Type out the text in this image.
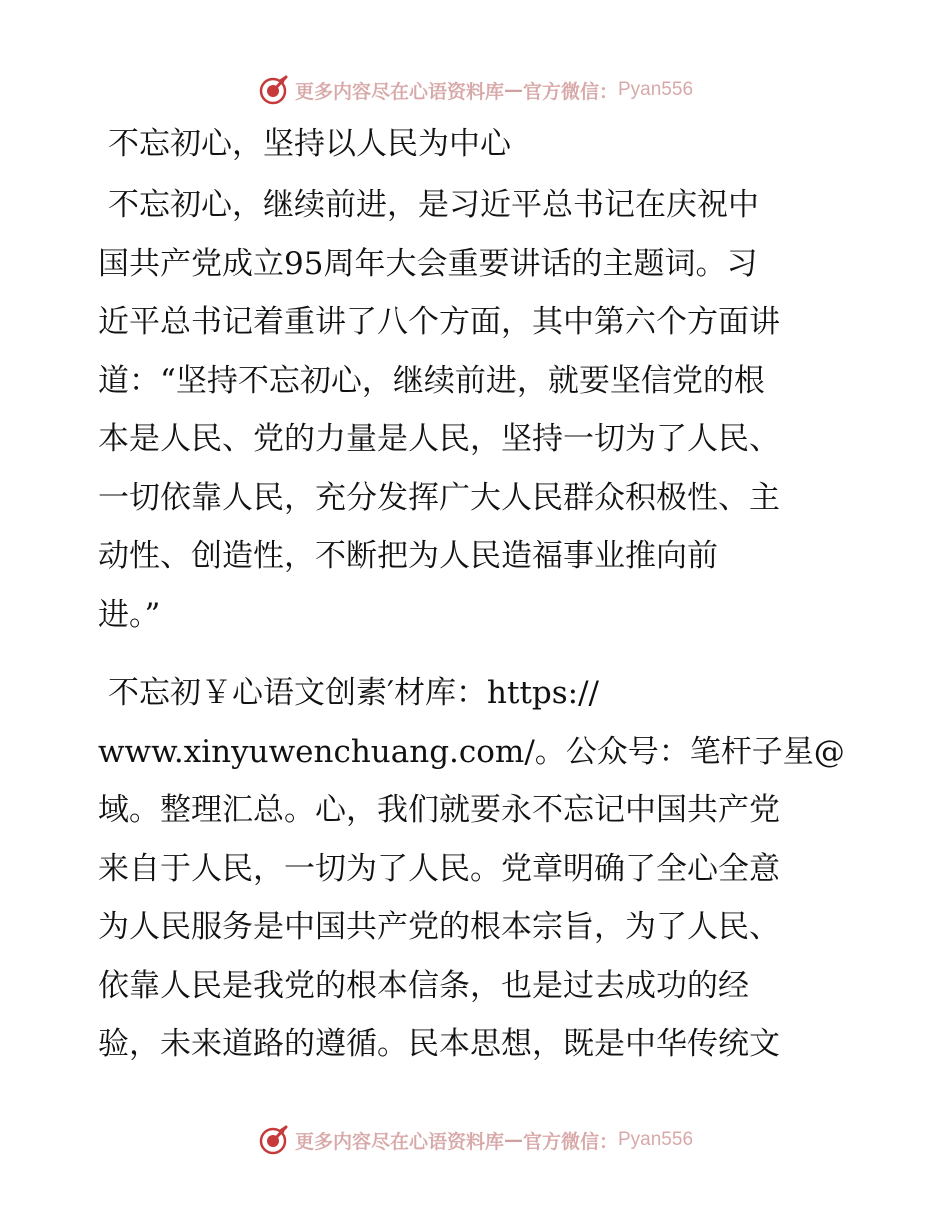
更多内容尽在心语资料库 — 官方微信： Pyan556
不忘初心，坚持以人民为中心
不忘初心，继续前进，是习近平总书记在庆祝中
国共产党成立95周年大会重要讲话的主题词。习
近平总书记着重讲了八个方面，其中第六个方面讲
道：“坚持不忘初心，继续前进，就要坚信党的根
本是人民、党的力量是人民，坚持一切为了人民、
一切依靠人民，充分发挥广大人民群众积极性、主
动性、创造性，不断把为人民造福事业推向前
进。”
不忘初￥心语文创素′材库：https://
www.xinyuwenchuang.com/。公众号：笔杆子星@
域。整理汇总。心，我们就要永不忘记中国共产党
来自于人民，一切为了人民。党章明确了全心全意
为人民服务是中国共产党的根本宗旨，为了人民、
依靠人民是我党的根本信条，也是过去成功的经
验，未来道路的遵循。民本思想，既是中华传统文
更多内容尽在心语资料库 — 官方微信： Pyan556
